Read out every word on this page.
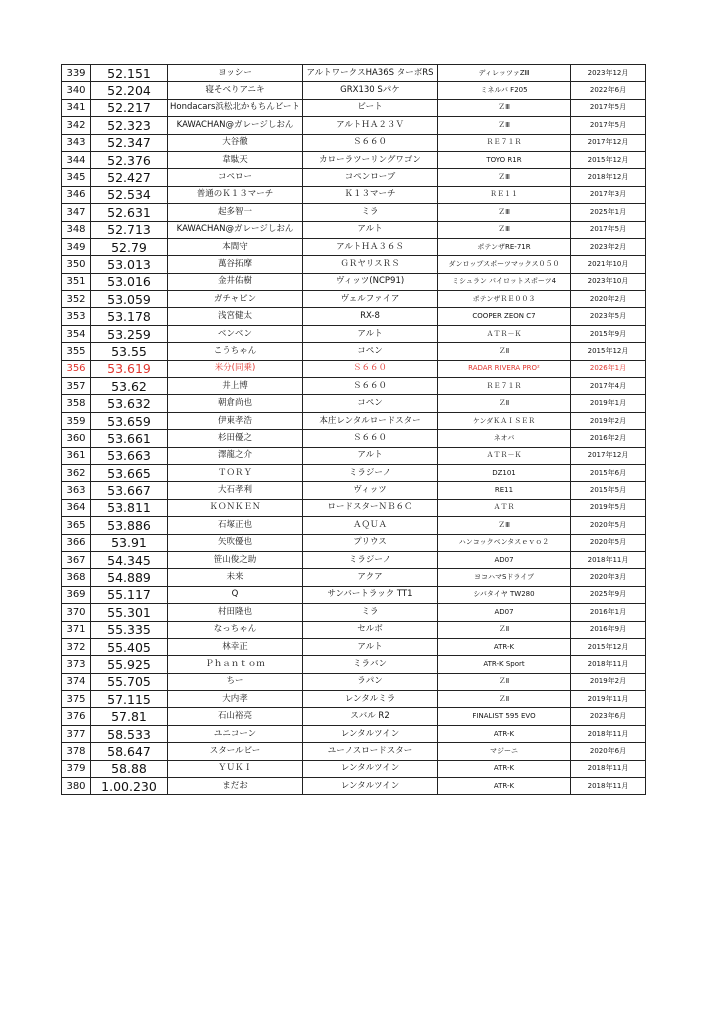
339	52.151	ヨッシー	アルトワークスHA36S ターボRS	ディレッツァZⅢ	2023年12月
340	52.204	寝そべりアニキ	GRX130 Sパケ	ミネルバ F205	2022年6月
341	52.217	Hondacars浜松北かもちんビート	ビート	ＺⅢ	2017年5月
342	52.323	KAWACHAN@ガレージしおん	アルトＨＡ２３Ｖ	ＺⅢ	2017年5月
343	52.347	大谷徹	Ｓ６６０	ＲＥ７１Ｒ	2017年12月
344	52.376	韋駄天	カローラツーリングワゴン	TOYO R1R	2015年12月
345	52.427	コペロー	コペンローブ	ＺⅢ	2018年12月
346	52.534	普通のＫ１３マーチ	Ｋ１３マーチ	ＲＥ１１	2017年3月
347	52.631	起多智一	ミラ	ＺⅢ	2025年1月
348	52.713	KAWACHAN@ガレージしおん	アルト	ＺⅢ	2017年5月
349	52.79	本間守	アルトＨＡ３６Ｓ	ポテンザRE-71R	2023年2月
350	53.013	萬谷拓摩	ＧＲヤリスＲＳ	ダンロップスポーツマックス０５０	2021年10月
351	53.016	金井佑樹	ヴィッツ(NCP91)	ミシュラン パイロットスポーツ4	2023年10月
352	53.059	ガチャピン	ヴェルファイア	ポテンザＲＥ００３	2020年2月
353	53.178	浅宮健太	RX-8	COOPER ZEON C7	2023年5月
354	53.259	ベンベン	アルト	ＡＴＲ－Ｋ	2015年9月
355	53.55	こうちゃん	コペン	ＺⅡ	2015年12月
356	53.619	米分(同乗)	Ｓ６６０	RADAR RIVERA PRO²	2026年1月
357	53.62	井上博	Ｓ６６０	ＲＥ７１Ｒ	2017年4月
358	53.632	朝倉尚也	コペン	ＺⅡ	2019年1月
359	53.659	伊東孝浩	本庄レンタルロードスター	ケンダＫＡＩＳＥＲ	2019年2月
360	53.661	杉田優之	Ｓ６６０	ネオバ	2016年2月
361	53.663	澤龍之介	アルト	ＡＴＲ－Ｋ	2017年12月
362	53.665	ＴＯＲＹ	ミラジーノ	DZ101	2015年6月
363	53.667	大石孝利	ヴィッツ	RE11	2015年5月
364	53.811	ＫＯＮＫＥＮ	ロードスターＮＢ６Ｃ	ＡＴＲ	2019年5月
365	53.886	石塚正也	ＡＱＵＡ	ＺⅢ	2020年5月
366	53.91	矢吹優也	プリウス	ハンコックベンタスｅｖｏ２	2020年5月
367	54.345	笹山俊之助	ミラジーノ	AD07	2018年11月
368	54.889	未来	アクア	ヨコハマSドライブ	2020年3月
369	55.117	Q	サンバートラック TT1	シバタイヤ TW280	2025年9月
370	55.301	村田隆也	ミラ	AD07	2016年1月
371	55.335	なっちゃん	セルボ	ＺⅡ	2016年9月
372	55.405	林幸正	アルト	ATR-K	2015年12月
373	55.925	Ｐｈａｎｔｏｍ	ミラバン	ATR-K Sport	2018年11月
374	55.705	ちー	ラパン	ＺⅡ	2019年2月
375	57.115	大内孝	レンタルミラ	ＺⅡ	2019年11月
376	57.81	石山裕亮	スバル R2	FINALIST 595 EVO	2023年6月
377	58.533	ユニコーン	レンタルツイン	ATR-K	2018年11月
378	58.647	スタールビー	ユーノスロードスター	マジーニ	2020年6月
379	58.88	ＹＵＫＩ	レンタルツイン	ATR-K	2018年11月
380	1.00.230	まだお	レンタルツイン	ATR-K	2018年11月
